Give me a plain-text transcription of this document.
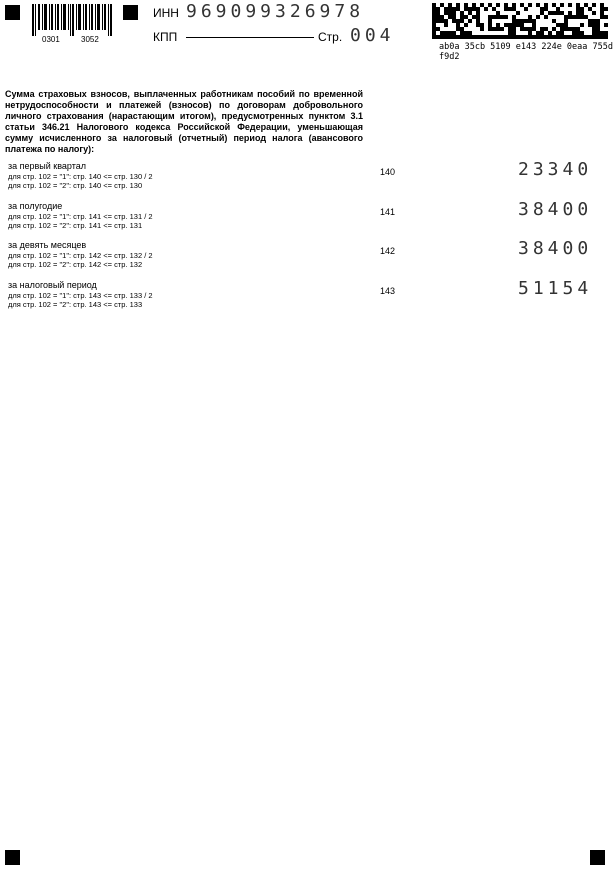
0301	3052
ИНН 969099326978
КПП	Стр. 004
ab0a 35cb 5109 e143 224e 0eaa 755d f9d2
Сумма страховых взносов, выплаченных работникам пособий по временной нетрудоспособности и платежей (взносов) по договорам добровольного личного страхования (нарастающим итогом), предусмотренных пунктом 3.1 статьи 346.21 Налогового кодекса Российской Федерации, уменьшающая сумму исчисленного за налоговый (отчетный) период налога (авансового платежа по налогу):
за первый квартал
для стр. 102 = "1": стр. 140 <= стр. 130 / 2
для стр. 102 = "2": стр. 140 <= стр. 130
140	23340
за полугодие
для стр. 102 = "1": стр. 141 <= стр. 131 / 2
для стр. 102 = "2": стр. 141 <= стр. 131
141	38400
за девять месяцев
для стр. 102 = "1": стр. 142 <= стр. 132 / 2
для стр. 102 = "2": стр. 142 <= стр. 132
142	38400
за налоговый период
для стр. 102 = "1": стр. 143 <= стр. 133 / 2
для стр. 102 = "2": стр. 143 <= стр. 133
143	51154
